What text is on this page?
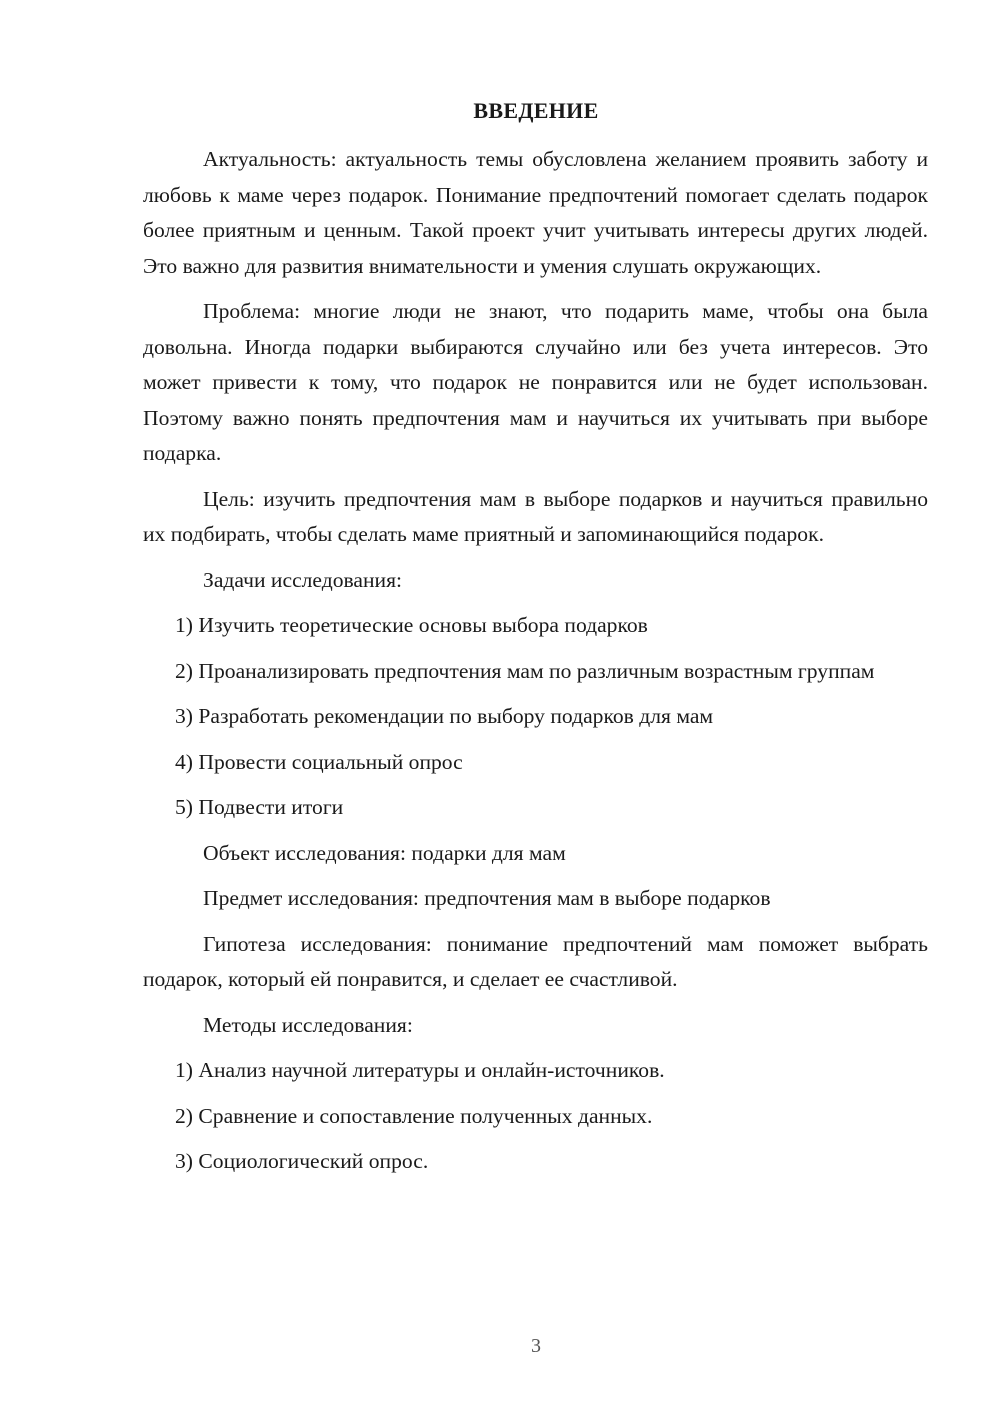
ВВЕДЕНИЕ

Актуальность: актуальность темы обусловлена желанием проявить заботу и любовь к маме через подарок. Понимание предпочтений помогает сделать подарок более приятным и ценным. Такой проект учит учитывать интересы других людей. Это важно для развития внимательности и умения слушать окружающих.

Проблема: многие люди не знают, что подарить маме, чтобы она была довольна. Иногда подарки выбираются случайно или без учета интересов. Это может привести к тому, что подарок не понравится или не будет использован. Поэтому важно понять предпочтения мам и научиться их учитывать при выборе подарка.

Цель: изучить предпочтения мам в выборе подарков и научиться правильно их подбирать, чтобы сделать маме приятный и запоминающийся подарок.

Задачи исследования:

1) Изучить теоретические основы выбора подарков

2) Проанализировать предпочтения мам по различным возрастным группам

3) Разработать рекомендации по выбору подарков для мам

4) Провести социальный опрос

5) Подвести итоги

Объект исследования: подарки для мам

Предмет исследования: предпочтения мам в выборе подарков

Гипотеза исследования: понимание предпочтений мам поможет выбрать подарок, который ей понравится, и сделает ее счастливой.

Методы исследования:

1) Анализ научной литературы и онлайн-источников.

2) Сравнение и сопоставление полученных данных.

3) Социологический опрос.

3
